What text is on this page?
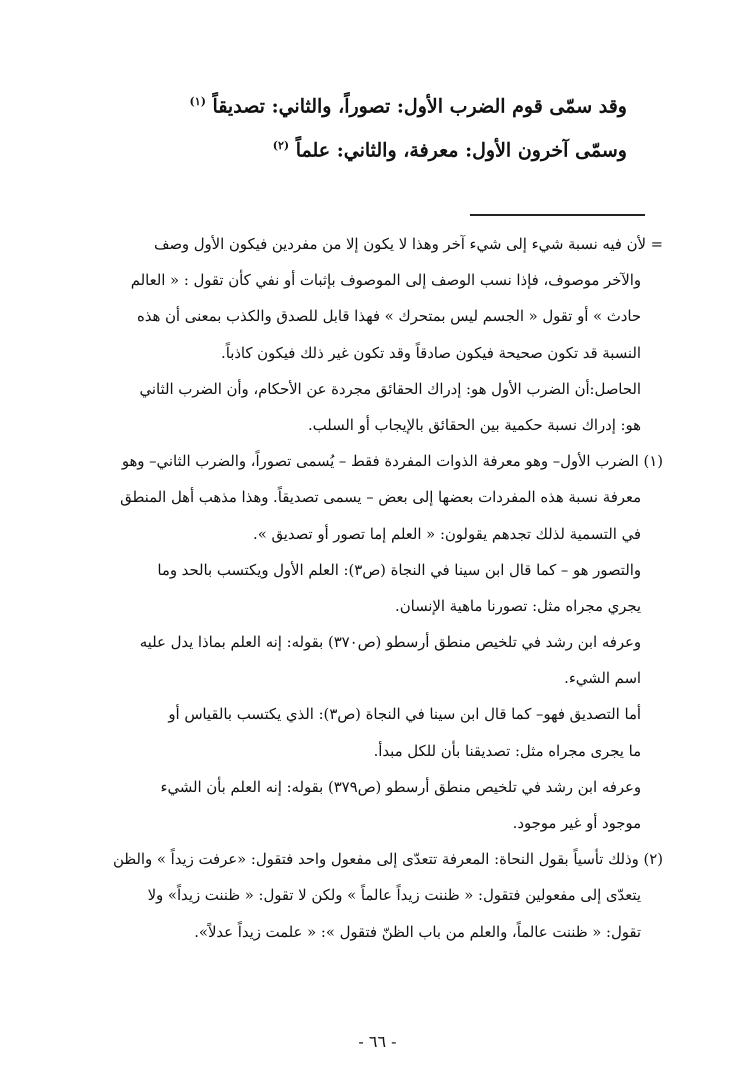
وقد سمّى قوم الضرب الأول: تصوراً، والثاني: تصديقاً $^{(١)}$
وسمّى آخرون الأول: معرفة، والثاني: علماً $^{(٢)}$
= لأن فيه نسبة شيء إلى شيء آخر وهذا لا يكون إلا من مفردين فيكون الأول وصف
والآخر موصوف، فإذا نسب الوصف إلى الموصوف بإثبات أو نفي كأن تقول : « العالم
حادث » أو تقول « الجسم ليس بمتحرك » فهذا قابل للصدق والكذب بمعنى أن هذه
النسبة قد تكون صحيحة فيكون صادقاً وقد تكون غير ذلك فيكون كاذباً.
الحاصل:أن الضرب الأول هو: إدراك الحقائق مجردة عن الأحكام، وأن الضرب الثاني
هو: إدراك نسبة حكمية بين الحقائق بالإيجاب أو السلب.
(١) الضرب الأول– وهو معرفة الذوات المفردة فقط – يُسمى تصوراً، والضرب الثاني– وهو
معرفة نسبة هذه المفردات بعضها إلى بعض – يسمى تصديقاً. وهذا مذهب أهل المنطق
في التسمية لذلك تجدهم يقولون: « العلم إما تصور أو تصديق ».
والتصور هو – كما قال ابن سينا في النجاة (ص٣): العلم الأول ويكتسب بالحد وما
يجري مجراه مثل: تصورنا ماهية الإنسان.
وعرفه ابن رشد في تلخيص منطق أرسطو (ص٣٧٠) بقوله: إنه العلم بماذا يدل عليه
اسم الشيء.
أما التصديق فهو– كما قال ابن سينا في النجاة (ص٣): الذي يكتسب بالقياس أو
ما يجرى مجراه مثل: تصديقنا بأن للكل مبدأ.
وعرفه ابن رشد في تلخيص منطق أرسطو (ص٣٧٩) بقوله: إنه العلم بأن الشيء
موجود أو غير موجود.
(٢) وذلك تأسياً بقول النحاة: المعرفة تتعدّى إلى مفعول واحد فتقول: «عرفت زيداً » والظن
يتعدّى إلى مفعولين فتقول: « ظننت زيداً عالماً » ولكن لا تقول: « ظننت زيداً» ولا
تقول: « ظننت عالماً، والعلم من باب الظنّ فتقول »: « علمت زيداً عدلاً».
- ٦٦ -
